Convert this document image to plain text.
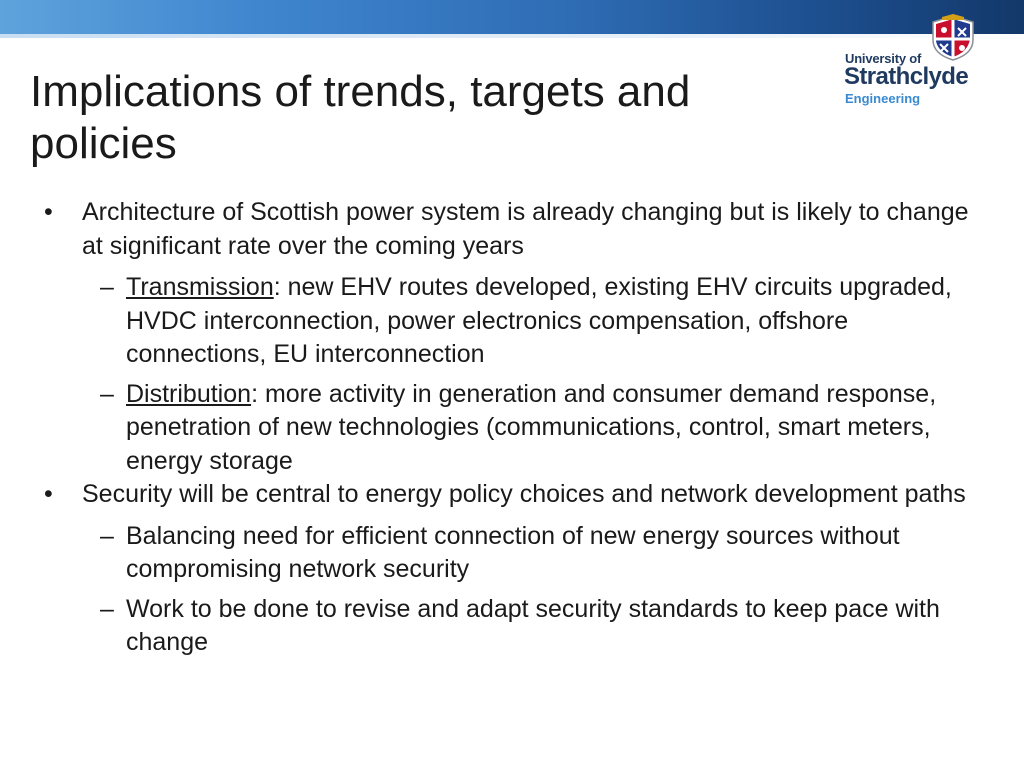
University of
Strathclyde
Engineering
Implications of trends, targets and policies
• Architecture of Scottish power system is already changing but is likely to change at significant rate over the coming years
– Transmission: new EHV routes developed, existing EHV circuits upgraded, HVDC interconnection, power electronics compensation, offshore connections, EU interconnection
– Distribution: more activity in generation and consumer demand response, penetration of new technologies (communications, control, smart meters, energy storage
• Security will be central to energy policy choices and network development paths
– Balancing need for efficient connection of new energy sources without compromising network security
– Work to be done to revise and adapt security standards to keep pace with change
